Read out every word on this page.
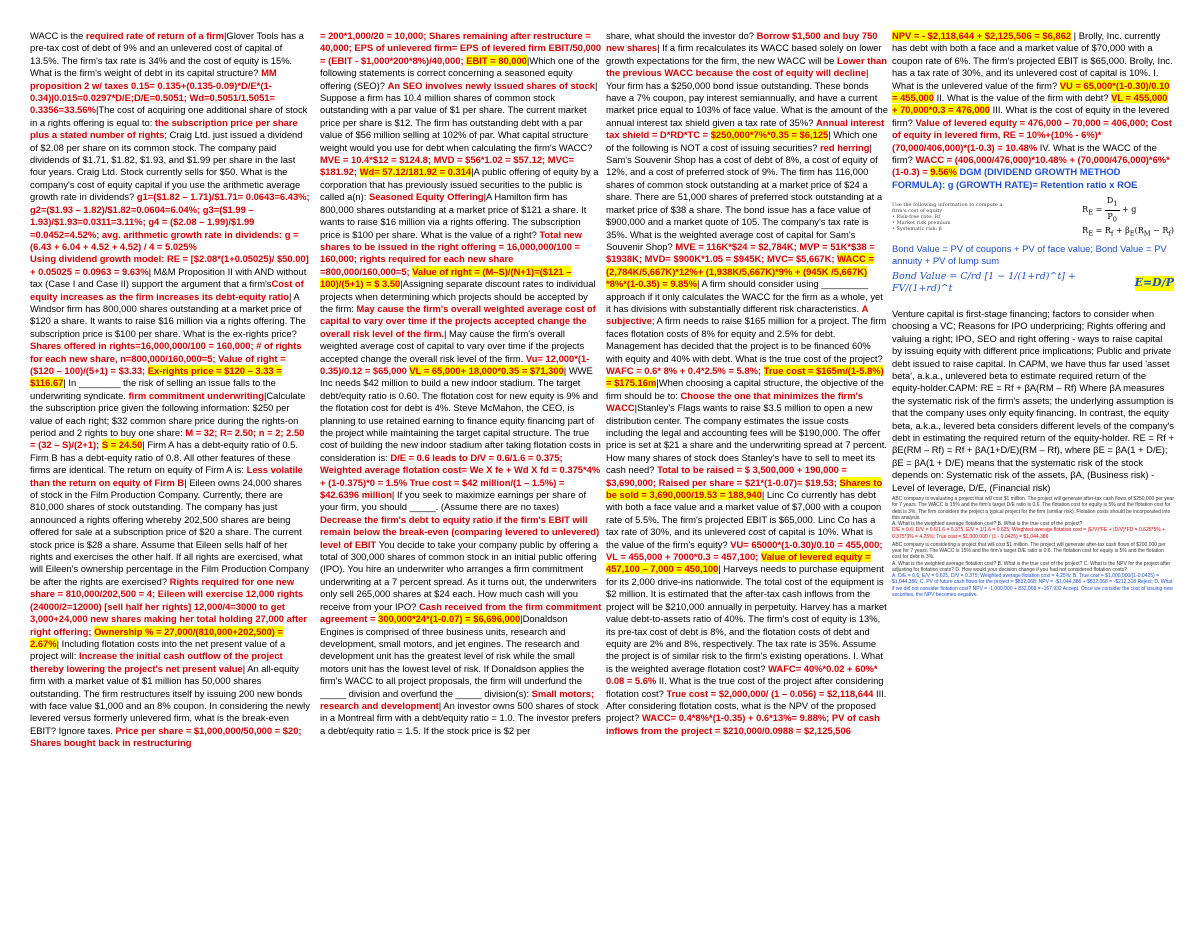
WACC is the required rate of return of a firm|Glover Tools has a pre-tax cost of debt of 9% and an unlevered cost of capital of 13.5%. The firm's tax rate is 34% and the cost of equity is 15%. What is the firm's weight of debt in its capital structure? MM proposition 2 w/ taxes 0.15= 0.135+(0.135-0.09)*D/E*(1-0.34)|0.015=0.0297*D/E;D/E=0.5051; Wd=0.5051/1.5051= 0.3356=33.56%|The cost of acquiring one additional share of stock in a rights offering is equal to: the subscription price per share plus a stated number of rights; Craig Ltd. just issued a dividend of $2.08 per share on its common stock. The company paid dividends of $1.71, $1.82, $1.93, and $1.99 per share in the last four years. Craig Ltd. Stock currently sells for $50. What is the company's cost of equity capital if you use the arithmetic average growth rate in dividends? g1=($1.82 – 1.71)/$1.71= 0.0643=6.43%; g2=($1.93 – 1.82)/$1.82=0.0604=6.04%; g3=($1.99 – 1.93)/$1.93=0.0311=3.11%; g4 = ($2.08 – 1.99)/$1.99 =0.0452=4.52%; avg. arithmetic growth rate in dividends: g = (6.43 + 6.04 + 4.52 + 4.52) / 4 = 5.025%
Using dividend growth model: RE = [$2.08*(1+0.05025)/ $50.00] + 0.05025 = 0.0963 = 9.63%| M&M Proposition II with AND without tax (Case I and Case II) support the argument that a firm'sCost of equity increases as the firm increases its debt-equity ratio| A Windsor firm has 800,000 shares outstanding at a market price of $120 a share. It wants to raise $16 million via a rights offering. The subscription price is $100 per share. What is the ex-rights price? Shares offered in rights=16,000,000/100 = 160,000; # of rights for each new share, n=800,000/160,000=5; Value of right = ($120 – 100)/(5+1) = $3.33; Ex-rights price = $120 – 3.33 = $116.67| In ________ the risk of selling an issue falls to the underwriting syndicate. firm commitment underwriting|Calculate the subscription price given the following information: $250 per value of each right; $32 common share price during the rights-on period and 2 rights to buy one share: M = 32; R= 2.50; n = 2; 2.50 = (32 – S)/(2+1); S = 24.50| Firm A has a debt-equity ratio of 0.5. Firm B has a debt-equity ratio of 0.8. All other features of these firms are identical. The return on equity of Firm A is: Less volatile than the return on equity of Firm B| Eileen owns 24,000 shares of stock in the Film Production Company. Currently, there are 810,000 shares of stock outstanding. The company has just announced a rights offering whereby 202,500 shares are being offered for sale at a subscription price of $20 a share. The current stock price is $28 a share. Assume that Eileen sells half of her rights and exercises the other half. If all rights are exercised, what will Eileen's ownership percentage in the Film Production Company be after the rights are exercised? Rights required for one new share = 810,000/202,500 = 4; Eileen will exercise 12,000 rights (24000/2=12000) [sell half her rights] 12,000/4=3000 to get 3,000+24,000 new shares making her total holding 27,000 after right offering; Ownership % = 27,000/(810,000+202,500) = 2.67%| Including flotation costs into the net present value of a project will: Increase the initial cash outflow of the project thereby lowering the project's net present value| An all-equity firm with a market value of $1 million has 50,000 shares outstanding. The firm restructures itself by issuing 200 new bonds with face value $1,000 and an 8% coupon. In considering the newly levered versus formerly unlevered firm, what is the break-even EBIT? Ignore taxes. Price per share = $1,000,000/50,000 = $20; Shares bought back in restructuring
= 200*1,000/20 = 10,000; Shares remaining after restructure = 40,000; EPS of unlevered firm= EPS of levered firm EBIT/50,000 = (EBIT - $1,000*200*8%)/40,000; EBIT = 80,000|Which one of the following statements is correct concerning a seasoned equity offering (SEO)? An SEO involves newly issued shares of stock| Suppose a firm has 10.4 million shares of common stock outstanding with a par value of $1 per share. The current market price per share is $12. The firm has outstanding debt with a par value of $56 million selling at 102% of par. What capital structure weight would you use for debt when calculating the firm's WACC? MVE = 10.4*$12 = $124.8; MVD = $56*1.02 = $57.12; MVC= $181.92; Wd= 57.12/181.92 = 0.314|A public offering of equity by a corporation that has previously issued securities to the public is called a(n): Seasoned Equity Offering|A Hamilton firm has 800,000 shares outstanding at a market price of $121 a share. It wants to raise $16 million via a rights offering. The subscription price is $100 per share. What is the value of a right? Total new shares to be issued in the right offering = 16,000,000/100 = 160,000; rights required for each new share =800,000/160,000=5; Value of right = (M–S)/(N+1)=($121 – 100)/(5+1) = $ 3.50|Assigning separate discount rates to individual projects when determining which projects should be accepted by the firm: May cause the firm's overall weighted average cost of capital to vary over time if the projects accepted change the overall risk level of the firm.| May cause the firm's overall weighted average cost of capital to vary over time if the projects accepted change the overall risk level of the firm. Vu= 12,000*(1-0.35)/0.12 = $65,000 VL = 65,000+ 18,000*0.35 = $71,300| WWE Inc needs $42 million to build a new indoor stadium. The target debt/equity ratio is 0.60. The flotation cost for new equity is 9% and the flotation cost for debt is 4%. Steve McMahon, the CEO, is planning to use retained earning to finance equity financing part of the project while maintaining the target capital structure. The true cost of building the new indoor stadium after taking flotation costs in consideration is: D/E = 0.6 leads to D/V = 0.6/1.6 = 0.375; Weighted average flotation cost= We X fe + Wd X fd = 0.375*4% + (1-0.375)*0 = 1.5% True cost = $42 million/(1 – 1.5%) = $42.6396 million| If you seek to maximize earnings per share of your firm, you should _____. (Assume there are no taxes) Decrease the firm's debt to equity ratio if the firm's EBIT will remain below the break-even (comparing levered to unlevered) level of EBIT You decide to take your company public by offering a total of 300,000 shares of common stock in an initial public offering (IPO). You hire an underwriter who arranges a firm commitment underwriting at a 7 percent spread. As it turns out, the underwriters only sell 265,000 shares at $24 each. How much cash will you receive from your IPO? Cash received from the firm commitment agreement = 300,000*24*(1-0.07) = $6,696,000|Donaldson Engines is comprised of three business units, research and development, small motors, and jet engines. The research and development unit has the greatest level of risk while the small motors unit has the lowest level of risk. If Donaldson applies the firm's WACC to all project proposals, the firm will underfund the _____ division and overfund the _____ division(s): Small motors; research and development| An investor owns 500 shares of stock in a Montreal firm with a debt/equity ratio = 1.0. The investor prefers a debt/equity ratio = 1.5. If the stock price is $2 per
share, what should the investor do? Borrow $1,500 and buy 750 new shares| If a firm recalculates its WACC based solely on lower growth expectations for the firm, the new WACC will be Lower than the previous WACC because the cost of equity will decline| Your firm has a $250,000 bond issue outstanding. These bonds have a 7% coupon, pay interest semiannually, and have a current market price equal to 103% of face value. What is the amount of the annual interest tax shield given a tax rate of 35%? Annual interest tax shield = D*RD*TC = $250,000*7%*0.35 = $6,125| Which one of the following is NOT a cost of issuing securities? red herring| Sam's Souvenir Shop has a cost of debt of 8%, a cost of equity of 12%, and a cost of preferred stock of 9%. The firm has 116,000 shares of common stock outstanding at a market price of $24 a share. There are 51,000 shares of preferred stock outstanding at a market price of $38 a share. The bond issue has a face value of $900,000 and a market quote of 105. The company's tax rate is 35%. What is the weighted average cost of capital for Sam's Souvenir Shop? MVE = 116K*$24 = $2,784K; MVP = 51K*$38 = $1938K; MVD= $900K*1.05 = $945K; MVC= $5,667K; WACC = (2,784K/5,667K)*12%+ (1,938K/5,667K)*9% + (945K /5,667K) *8%*(1-0.35) = 9.85%| A firm should consider using _________ approach if it only calculates the WACC for the firm as a whole, yet it has divisions with substantially different risk characteristics. A subjective; A firm needs to raise $165 million for a project. The firm faces flotation costs of 8% for equity and 2.5% for debt. Management has decided that the project is to be financed 60% with equity and 40% with debt. What is the true cost of the project? WAFC = 0.6* 8% + 0.4*2.5% = 5.8%; True cost = $165m/(1-5.8%) = $175.16m|When choosing a capital structure, the objective of the firm should be to: Choose the one that minimizes the firm's WACC|Stanley's Flags wants to raise $3.5 million to open a new distribution center. The company estimates the issue costs including the legal and accounting fees will be $190,000. The offer price is set at $21 a share and the underwriting spread at 7 percent. How many shares of stock does Stanley's have to sell to meet its cash need? Total to be raised = $ 3,500,000 + 190,000 = $3,690,000; Raised per share = $21*(1-0.07)= $19.53; Shares to be sold = 3,690,000/19.53 = 188,940| Linc Co currently has debt with both a face value and a market value of $7,000 with a coupon rate of 5.5%. The firm's projected EBIT is $65,000. Linc Co has a tax rate of 30%, and its unlevered cost of capital is 10%. What is the value of the firm's equity? VU= 65000*(1-0.30)/0.10 = 455,000; VL = 455,000 + 7000*0.3 = 457,100; Value of levered equity = 457,100 – 7,000 = 450,100| Harveys needs to purchase equipment for its 2,000 drive-ins nationwide. The total cost of the equipment is $2 million. It is estimated that the after-tax cash inflows from the project will be $210,000 annually in perpetuity. Harvey has a market value debt-to-assets ratio of 40%. The firm's cost of equity is 13%, its pre-tax cost of debt is 8%, and the flotation costs of debt and equity are 2% and 8%, respectively. The tax rate is 35%. Assume the project is of similar risk to the firm's existing operations. I. What is the weighted average flotation cost? WAFC= 40%*0.02 + 60%* 0.08 = 5.6% II. What is the true cost of the project after considering flotation cost? True cost = $2,000,000/ (1 – 0.056) = $2,118,644 III. After considering flotation costs, what is the NPV of the proposed project? WACC= 0.4*8%*(1-0.35) + 0.6*13%= 9.88%; PV of cash inflows from the project = $210,000/0.0988 = $2,125,506
NPV = - $2,118,644 + $2,125,506 = $6,862 | Brolly, Inc. currently has debt with both a face and a market value of $70,000 with a coupon rate of 6%. The firm's projected EBIT is $65,000. Brolly, Inc. has a tax rate of 30%, and its unlevered cost of capital is 10%. I. What is the unlevered value of the firm? VU = 65,000*(1-0.30)/0.10 = 455,000 II. What is the value of the firm with debt? VL = 455,000 + 70,000*0.3 = 476,000 III. What is the cost of equity in the levered firm? Value of levered equity = 476,000 – 70,000 = 406,000; Cost of equity in levered firm, RE = 10%+(10% - 6%)* (70,000/406,000)*(1-0.3) = 10.48% IV. What is the WACC of the firm? WACC = (406,000/476,000)*10.48% + (70,000/476,000)*6%*(1-0.3) = 9.56% DGM (DIVIDEND GROWTH METHOD FORMULA): g (GROWTH RATE)= Retention ratio x ROE
Use the following information to compute a firm's cost of equity
• Risk-free rate: Rf
• Market risk premium
• Systematic risk: β
$R_E = \frac{D_1}{P_0} + g$
$R_E = R_f + \beta_E(R_M - R_f)$
Bond Value = PV of coupons + PV of face value; Bond Value = PV annuity + PV of lump sum
Bond Value = C/rd [1 − 1/(1+rd)^t] + FV/(1+rd)^t	E=D/P
Venture capital is first-stage financing; factors to consider when choosing a VC; Reasons for IPO underpricing; Rights offering and valuing a right; IPO, SEO and right offering - ways to raise capital by issuing equity with different price implications; Public and private debt issued to raise capital. In CAPM, we have thus far used 'asset beta', a.k.a., unlevered beta to estimate required return of the equity-holder.CAPM: RE = Rf + βA(RM – Rf) Where βA measures the systematic risk of the firm's assets; the underlying assumption is that the company uses only equity financing. In contrast, the equity beta, a.k.a., levered beta considers different levels of the company's debt in estimating the required return of the equity-holder. RE = Rf + βE(RM – Rf) = Rf + βA(1+D/E)(RM – Rf), where βE = βA(1 + D/E); βE = βA(1 + D/E) means that the systematic risk of the stock depends on: Systematic risk of the assets, βA, (Business risk) -Level of leverage, D/E, (Financial risk)
ABC company is evaluating a project that will cost $1 million. The project will generate after-tax cash flows of $250,000 per year for 7 years. The WACC is 15% and the firm's target D/E ratio is 0.6. The flotation cost for equity is 5% and the flotation cost for debt is 3%. The firm considers the project a typical project for the firm (similar risk). Flotation costs should be incorporated into this analysis.
A. What is the weighted average flotation cost? B. What is the true cost of the project?
D/E = 0.6; D/V = 0.6/1.6 = 0.375, E/V = 1/1.6 = 0.625; Weighted average flotation cost = (E/V)*FE + (D/V)*FD = 0.625*5% + 0.375*3% = 4.25%; True cost = $1,000,000 / (1 - 0.0425) = $1,044,386
ABC company is considering a project that will cost $1 million. The project will generate after-tax cash flows of $200,000 per year for 7 years. The WACC is 15% and the firm's target D/E ratio is 0.6. The flotation cost for equity is 5% and the flotation cost for debt is 3%.
A. What is the weighted average flotation cost? B. What is the true cost of the project? C. What is the NPV for the project after adjusting for flotation costs? D. How would your decision change if you had not considered flotation costs?
A. D/E = 0.6; E/V = 0.625, D/V = 0.375; Weighted average flotation cost = 4.25%; B. True cost = $1,000,000/(1-0.0425) = $1,044,386; C. PV of future cash flows for the project = $832,068; NPV = -$1,044,386 + $832,068 = -$212,318 Reject; D. What if we did not consider flotation cost? NPV = -1,000,000 + 832,068 = -167,932 Accept. Once we consider the cost of issuing new securities, the NPV becomes negative.
